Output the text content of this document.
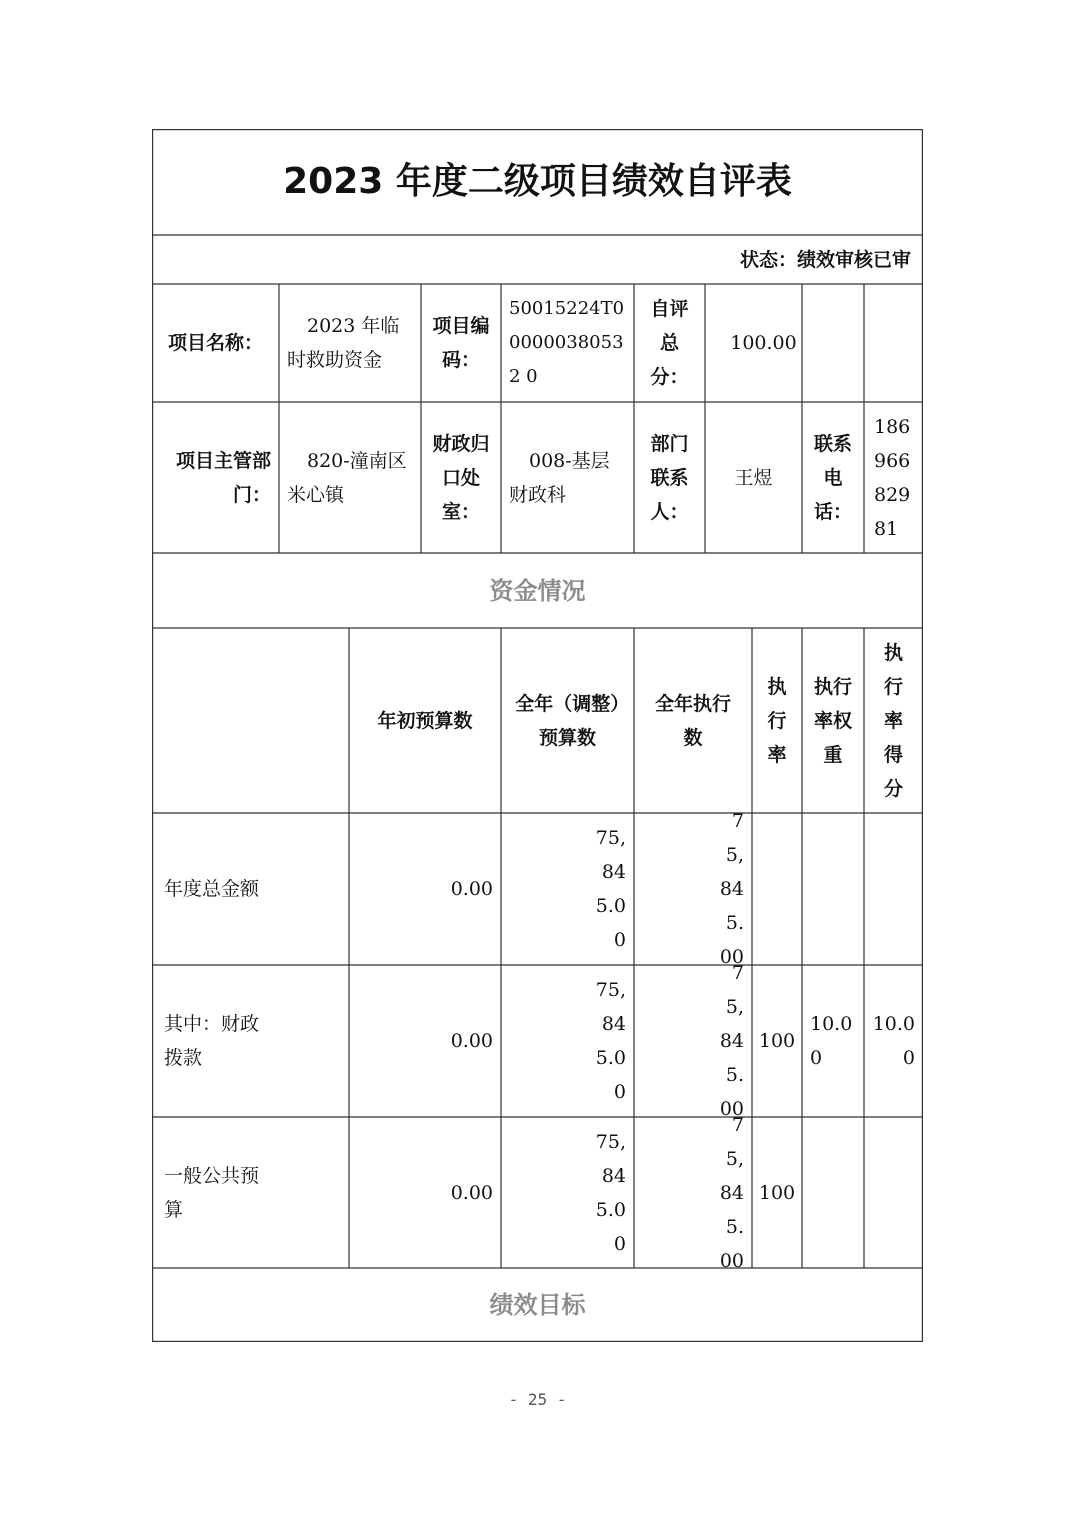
2023 年度二级项目绩效自评表
状态：绩效审核已审
项目名称：
2023 年临时救助资金
项目编码：
50015224T000000380532 0
自评总分：
100.00
项目主管部门：
820-潼南区米心镇
财政归口处室：
008-基层财政科
部门联系人：
王煜
联系电话：
186966829 81
资金情况
年初预算数
全年（调整）预算数
全年执行数
执行率
执行率权重
执行率得分
年度总金额	0.00
75,845.00
75,845.00
其中：财政拨款
0.00
75,845.00
75,845.00
100
10.00
10.00
一般公共预算
0.00
75,845.00
75,845.00
100
绩效目标
- 25 -
